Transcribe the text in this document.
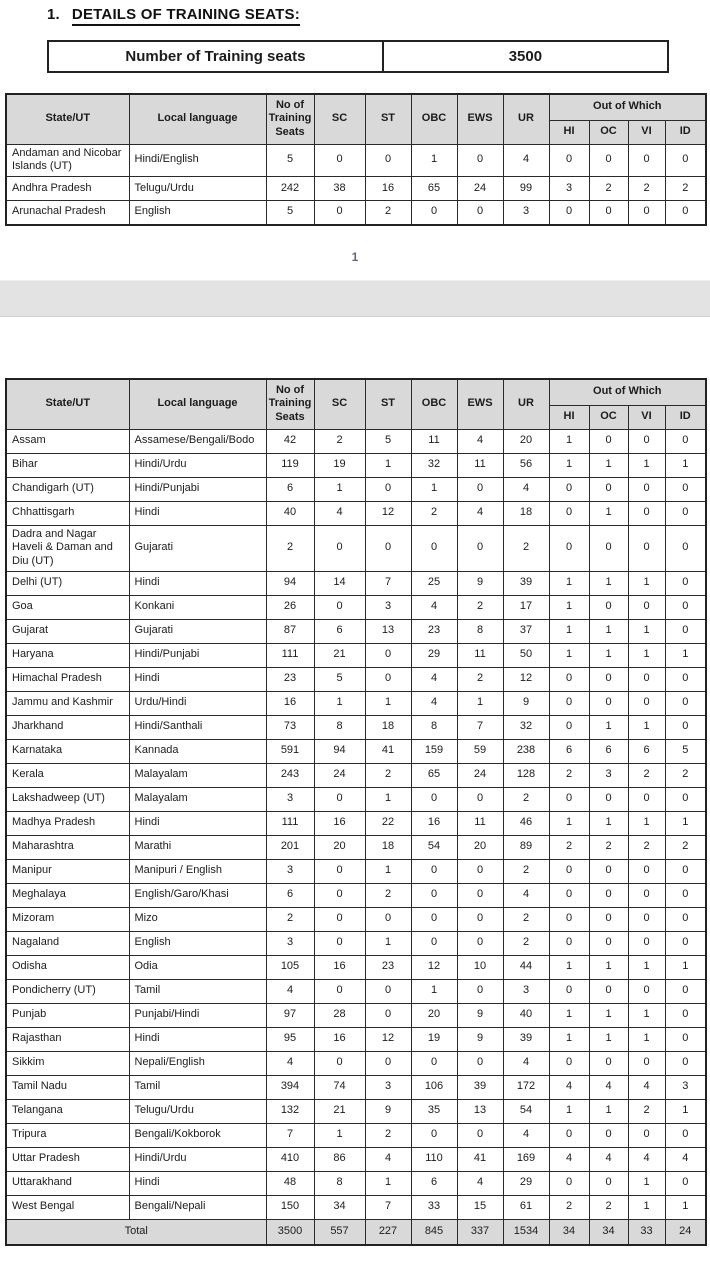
1. DETAILS OF TRAINING SEATS:
Number of Training seats	3500
State/UT	Local language	No of Training Seats	SC	ST	OBC	EWS	UR	Out of Which			
								HI	OC	VI	ID
Andaman and Nicobar Islands (UT)	Hindi/English	5	0	0	1	0	4	0	0	0	0
Andhra Pradesh	Telugu/Urdu	242	38	16	65	24	99	3	2	2	2
Arunachal Pradesh	English	5	0	2	0	0	3	0	0	0	0
1
State/UT	Local language	No of Training Seats	SC	ST	OBC	EWS	UR	Out of Which			
								HI	OC	VI	ID
Assam	Assamese/Bengali/Bodo	42	2	5	11	4	20	1	0	0	0
Bihar	Hindi/Urdu	119	19	1	32	11	56	1	1	1	1
Chandigarh (UT)	Hindi/Punjabi	6	1	0	1	0	4	0	0	0	0
Chhattisgarh	Hindi	40	4	12	2	4	18	0	1	0	0
Dadra and Nagar Haveli & Daman and Diu (UT)	Gujarati	2	0	0	0	0	2	0	0	0	0
Delhi (UT)	Hindi	94	14	7	25	9	39	1	1	1	0
Goa	Konkani	26	0	3	4	2	17	1	0	0	0
Gujarat	Gujarati	87	6	13	23	8	37	1	1	1	0
Haryana	Hindi/Punjabi	111	21	0	29	11	50	1	1	1	1
Himachal Pradesh	Hindi	23	5	0	4	2	12	0	0	0	0
Jammu and Kashmir	Urdu/Hindi	16	1	1	4	1	9	0	0	0	0
Jharkhand	Hindi/Santhali	73	8	18	8	7	32	0	1	1	0
Karnataka	Kannada	591	94	41	159	59	238	6	6	6	5
Kerala	Malayalam	243	24	2	65	24	128	2	3	2	2
Lakshadweep (UT)	Malayalam	3	0	1	0	0	2	0	0	0	0
Madhya Pradesh	Hindi	111	16	22	16	11	46	1	1	1	1
Maharashtra	Marathi	201	20	18	54	20	89	2	2	2	2
Manipur	Manipuri / English	3	0	1	0	0	2	0	0	0	0
Meghalaya	English/Garo/Khasi	6	0	2	0	0	4	0	0	0	0
Mizoram	Mizo	2	0	0	0	0	2	0	0	0	0
Nagaland	English	3	0	1	0	0	2	0	0	0	0
Odisha	Odia	105	16	23	12	10	44	1	1	1	1
Pondicherry (UT)	Tamil	4	0	0	1	0	3	0	0	0	0
Punjab	Punjabi/Hindi	97	28	0	20	9	40	1	1	1	0
Rajasthan	Hindi	95	16	12	19	9	39	1	1	1	0
Sikkim	Nepali/English	4	0	0	0	0	4	0	0	0	0
Tamil Nadu	Tamil	394	74	3	106	39	172	4	4	4	3
Telangana	Telugu/Urdu	132	21	9	35	13	54	1	1	2	1
Tripura	Bengali/Kokborok	7	1	2	0	0	4	0	0	0	0
Uttar Pradesh	Hindi/Urdu	410	86	4	110	41	169	4	4	4	4
Uttarakhand	Hindi	48	8	1	6	4	29	0	0	1	0
West Bengal	Bengali/Nepali	150	34	7	33	15	61	2	2	1	1
Total		3500	557	227	845	337	1534	34	34	33	24
